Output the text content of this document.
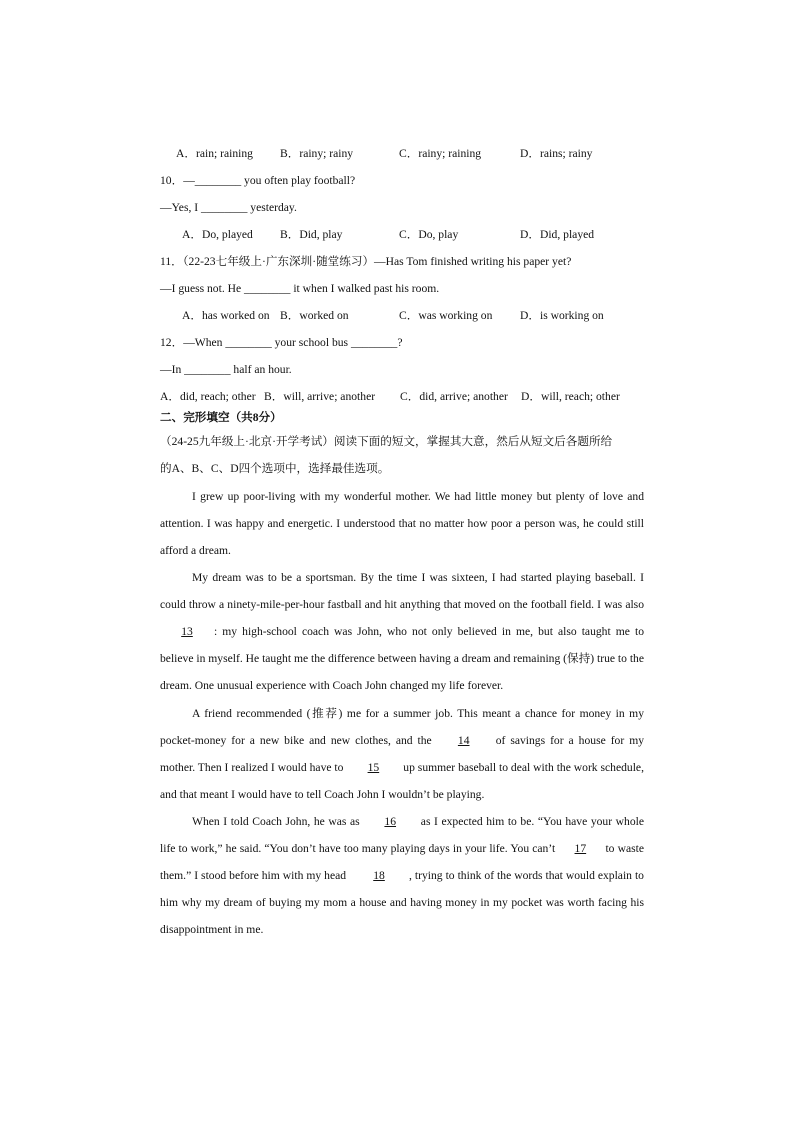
A．rain; raining B．rainy; rainy	C．rainy; raining	D．rains; rainy
10．—________ you often play football?
—Yes, I ________ yesterday.
A．Do, played B．Did, play	C．Do, play	D．Did, played
11．（22-23七年级上·广东深圳·随堂练习）—Has Tom finished writing his paper yet?
—I guess not. He ________ it when I walked past his room.
A．has worked on B．worked on	C．was working on D．is working on
12．—When ________ your school bus ________?
—In ________ half an hour.
A．did, reach; other B．will, arrive; another C．did, arrive; another D．will, reach; other
二、完形填空（共8分）
（24-25九年级上·北京·开学考试）阅读下面的短文，掌握其大意，然后从短文后各题所给
的A、B、C、D四个选项中，选择最佳选项。
I grew up poor-living with my wonderful mother. We had little money but plenty of love and attention. I was happy and energetic. I understood that no matter how poor a person was, he could still afford a dream.
My dream was to be a sportsman. By the time I was sixteen, I had started playing baseball. I could throw a ninety-mile-per-hour fastball and hit anything that moved on the football field. I was also 13 : my high-school coach was John, who not only believed in me, but also taught me to believe in myself. He taught me the difference between having a dream and remaining (保持) true to the dream. One unusual experience with Coach John changed my life forever.
A friend recommended (推荐) me for a summer job. This meant a chance for money in my pocket-money for a new bike and new clothes, and the 14 of savings for a house for my mother. Then I realized I would have to 15 up summer baseball to deal with the work schedule, and that meant I would have to tell Coach John I wouldn’t be playing.
When I told Coach John, he was as 16 as I expected him to be. “You have your whole life to work,” he said. “You don’t have too many playing days in your life. You can’t 17 to waste them.” I stood before him with my head 18 , trying to think of the words that would explain to him why my dream of buying my mom a house and having money in my pocket was worth facing his disappointment in me.
